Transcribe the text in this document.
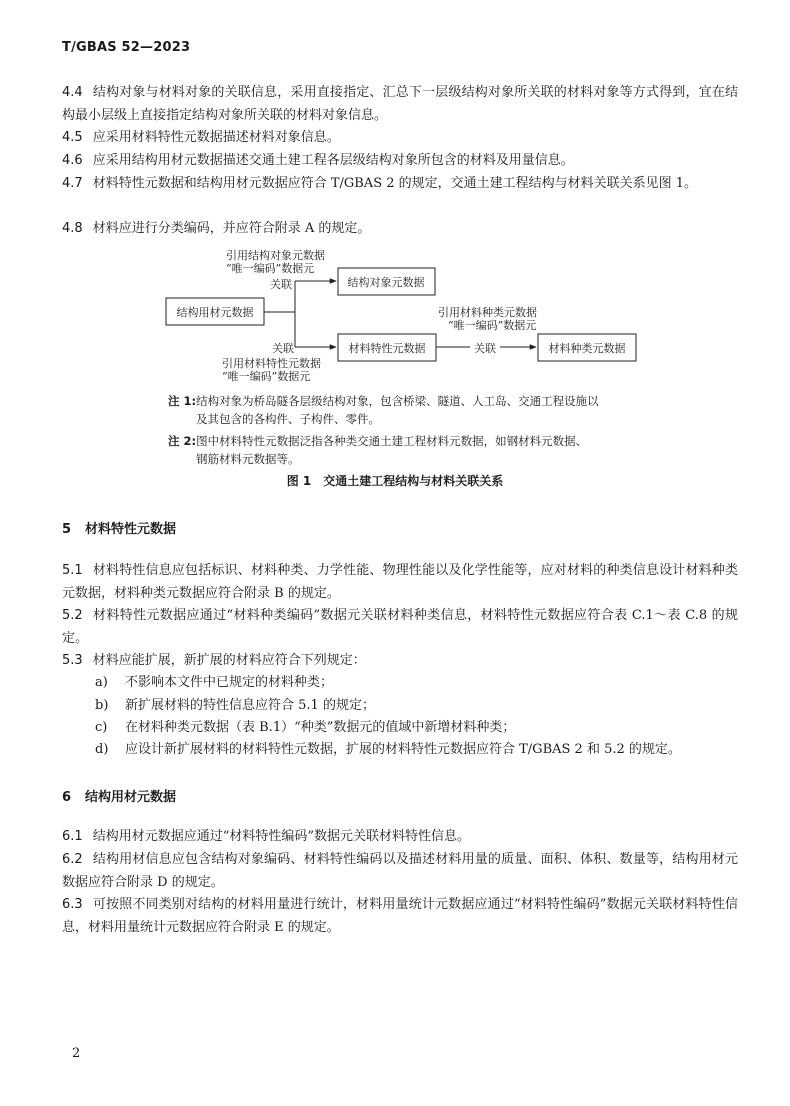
T/GBAS 52—2023
4.4 结构对象与材料对象的关联信息，采用直接指定、汇总下一层级结构对象所关联的材料对象等方式得到，宜在结构最小层级上直接指定结构对象所关联的材料对象信息。
4.5 应采用材料特性元数据描述材料对象信息。
4.6 应采用结构用材元数据描述交通土建工程各层级结构对象所包含的材料及用量信息。
4.7 材料特性元数据和结构用材元数据应符合 T/GBAS 2 的规定，交通土建工程结构与材料关联关系见图 1。
4.8 材料应进行分类编码，并应符合附录 A 的规定。
结构用材元数据
关联
引用结构对象元数据
“唯一编码”数据元
结构对象元数据
关联
引用材料特性元数据
“唯一编码”数据元
材料特性元数据	关联
引用材料种类元数据
“唯一编码”数据元
材料种类元数据
注 1:结构对象为桥岛隧各层级结构对象，包含桥梁、隧道、人工岛、交通工程设施以
及其包含的各构件、子构件、零件。
注 2:图中材料特性元数据泛指各种类交通土建工程材料元数据，如钢材料元数据、
钢筋材料元数据等。
图 1　交通土建工程结构与材料关联关系
5 材料特性元数据
5.1 材料特性信息应包括标识、材料种类、力学性能、物理性能以及化学性能等，应对材料的种类信息设计材料种类元数据，材料种类元数据应符合附录 B 的规定。
5.2 材料特性元数据应通过“材料种类编码”数据元关联材料种类信息，材料特性元数据应符合表 C.1～表 C.8 的规定。
5.3 材料应能扩展，新扩展的材料应符合下列规定：
a) 不影响本文件中已规定的材料种类；
b) 新扩展材料的特性信息应符合 5.1 的规定；
c) 在材料种类元数据（表 B.1）“种类”数据元的值域中新增材料种类；
d) 应设计新扩展材料的材料特性元数据，扩展的材料特性元数据应符合 T/GBAS 2 和 5.2 的规定。
6 结构用材元数据
6.1 结构用材元数据应通过“材料特性编码”数据元关联材料特性信息。
6.2 结构用材信息应包含结构对象编码、材料特性编码以及描述材料用量的质量、面积、体积、数量等，结构用材元数据应符合附录 D 的规定。
6.3 可按照不同类别对结构的材料用量进行统计，材料用量统计元数据应通过“材料特性编码”数据元关联材料特性信息，材料用量统计元数据应符合附录 E 的规定。
2
